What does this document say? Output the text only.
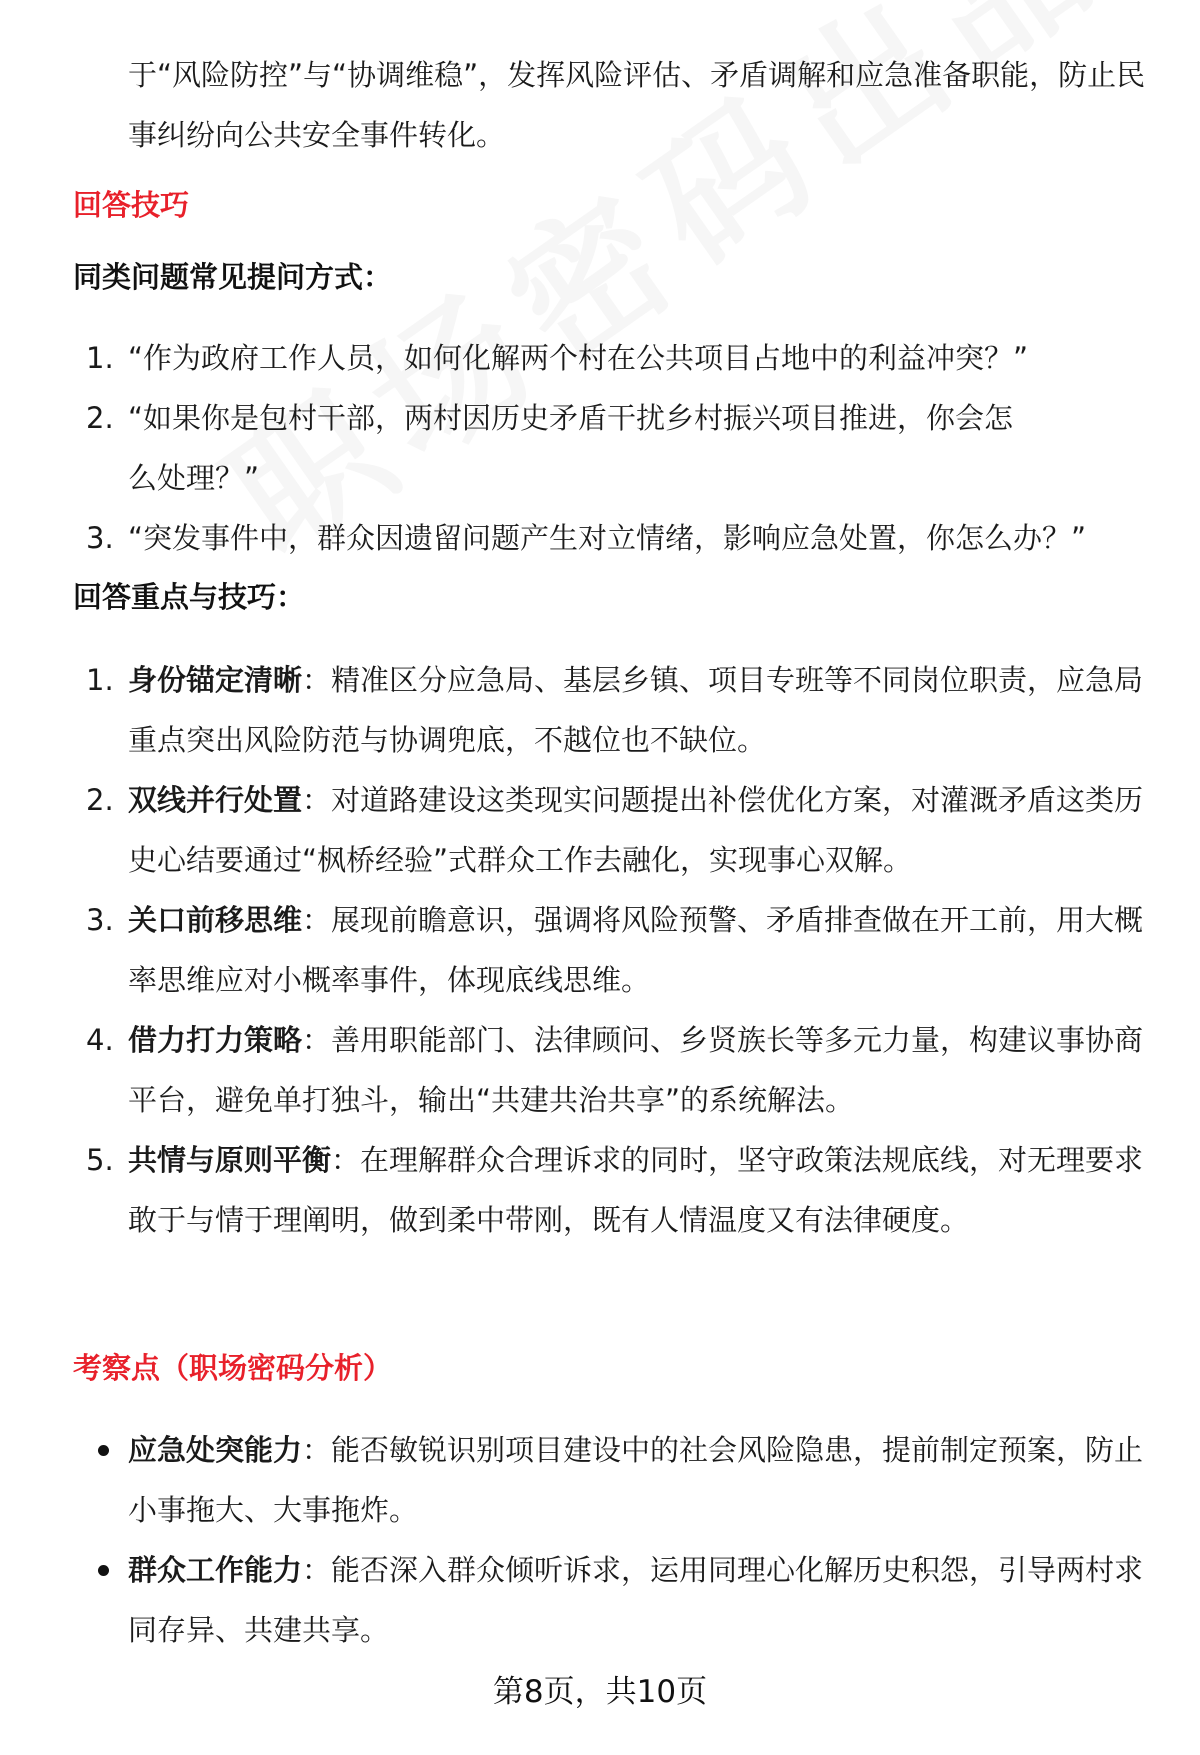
于“风险防控”与“协调维稳”，发挥风险评估、矛盾调解和应急准备职能，防止民事纠纷向公共安全事件转化。

回答技巧
同类问题常见提问方式：
1. “作为政府工作人员，如何化解两个村在公共项目占地中的利益冲突？”
2. “如果你是包村干部，两村因历史矛盾干扰乡村振兴项目推进，你会怎么处理？”
3. “突发事件中，群众因遗留问题产生对立情绪，影响应急处置，你怎么办？”
回答重点与技巧：
1. 身份锚定清晰：精准区分应急局、基层乡镇、项目专班等不同岗位职责，应急局重点突出风险防范与协调兜底，不越位也不缺位。
2. 双线并行处置：对道路建设这类现实问题提出补偿优化方案，对灌溉矛盾这类历史心结要通过“枫桥经验”式群众工作去融化，实现事心双解。
3. 关口前移思维：展现前瞻意识，强调将风险预警、矛盾排查做在开工前，用大概率思维应对小概率事件，体现底线思维。
4. 借力打力策略：善用职能部门、法律顾问、乡贤族长等多元力量，构建议事协商平台，避免单打独斗，输出“共建共治共享”的系统解法。
5. 共情与原则平衡：在理解群众合理诉求的同时，坚守政策法规底线，对无理要求敢于与情于理阐明，做到柔中带刚，既有人情温度又有法律硬度。
考察点（职场密码分析）
应急处突能力：能否敏锐识别项目建设中的社会风险隐患，提前制定预案，防止小事拖大、大事拖炸。
群众工作能力：能否深入群众倾听诉求，运用同理心化解历史积怨，引导两村求同存异、共建共享。
第8页，共10页
